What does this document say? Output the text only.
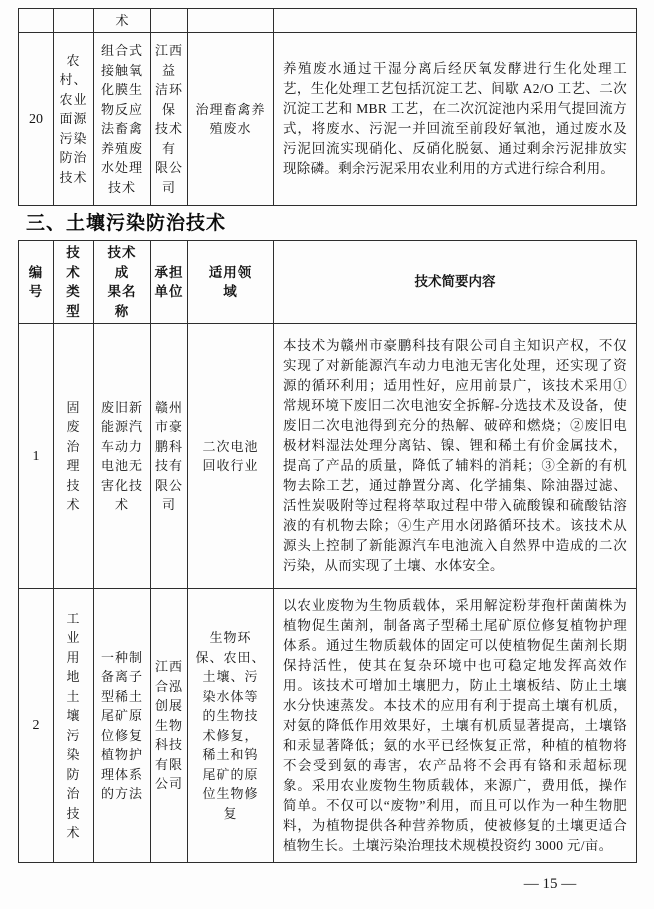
		术			
20	
农村、
农业
面源
污染
防治
技术

组合式
接触氧
化膜生
物反应
法畜禽
养殖废
水处理
技术

江西益
洁环保
技术有
限公司

治理畜禽养
殖废水
	养殖废水通过干湿分离后经厌氧发酵进行生化处理工艺，生化处理工艺包括沉淀工艺、间歇 A2/O 工艺、二次沉淀工艺和 MBR 工艺，在二次沉淀池内采用气提回流方式，将废水、污泥一并回流至前段好氧池，通过废水及污泥回流实现硝化、反硝化脱氨、通过剩余污泥排放实现除磷。剩余污泥采用农业利用的方式进行综合利用。
三、土壤污染防治技术
编
号

技
术
类
型

技术
成
果名
称

承担
单位

适用领
域
	技术简要内容
1	
固
废
治
理
技
术

废旧新
能源汽
车动力
电池无
害化技
术

赣州
市豪
鹏科
技有
限公
司

二次电池
回收行业
	本技术为赣州市豪鹏科技有限公司自主知识产权，不仅实现了对新能源汽车动力电池无害化处理，还实现了资源的循环利用；适用性好，应用前景广，该技术采用①常规环境下废旧二次电池安全拆解-分选技术及设备，使废旧二次电池得到充分的热解、破碎和燃烧；②废旧电极材料湿法处理分离钴、镍、锂和稀土有价金属技术，提高了产品的质量，降低了辅料的消耗；③全新的有机物去除工艺，通过静置分离、化学捕集、除油器过滤、活性炭吸附等过程将萃取过程中带入硫酸镍和硫酸钴溶液的有机物去除；④生产用水闭路循环技术。该技术从源头上控制了新能源汽车电池流入自然界中造成的二次污染，从而实现了土壤、水体安全。
2	
工
业
用
地
土
壤
污
染
防
治
技
术

一种制
备离子
型稀土
尾矿原
位修复
植物护
理体系
的方法

江西
合泓
创展
生物
科技
有限
公司

生物环
保、农田、
土壤、污
染水体等
的生物技
术修复，
稀土和钨
尾矿的原
位生物修
复
	以农业废物为生物质载体，采用解淀粉芽孢杆菌菌株为植物促生菌剂，制备离子型稀土尾矿原位修复植物护理体系。通过生物质载体的固定可以使植物促生菌剂长期保持活性，使其在复杂环境中也可稳定地发挥高效作用。该技术可增加土壤肥力，防止土壤板结、防止土壤水分快速蒸发。本技术的应用有利于提高土壤有机质，对氨的降低作用效果好，土壤有机质显著提高，土壤铬和汞显著降低；氨的水平已经恢复正常，种植的植物将不会受到氨的毒害，农产品将不会再有铬和汞超标现象。采用农业废物生物质载体，来源广，费用低，操作简单。不仅可以“废物”利用，而且可以作为一种生物肥料，为植物提供各种营养物质，使被修复的土壤更适合植物生长。土壤污染治理技术规模投资约 3000 元/亩。
— 15 —
